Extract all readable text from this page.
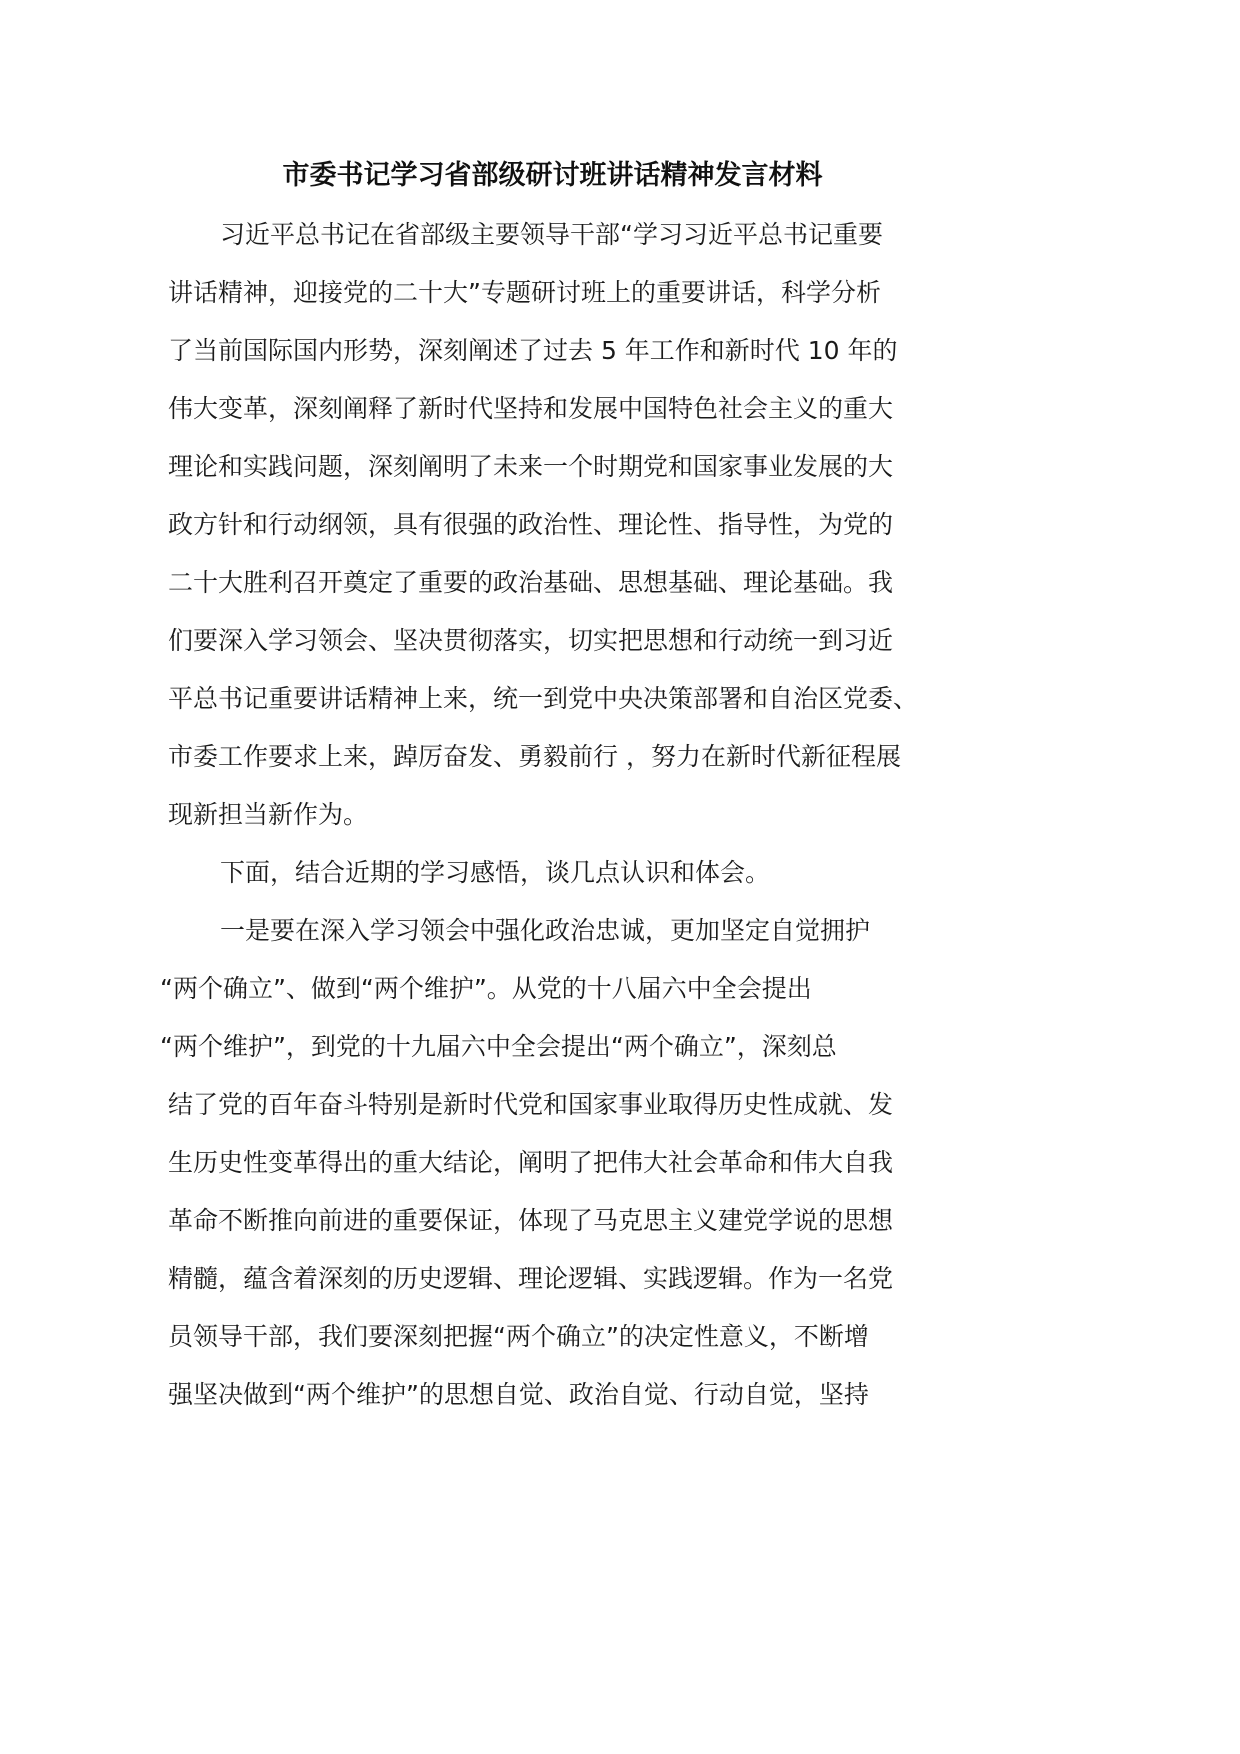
市委书记学习省部级研讨班讲话精神发言材料
习近平总书记在省部级主要领导干部“学习习近平总书记重要
讲话精神，迎接党的二十大”专题研讨班上的重要讲话，科学分析
了当前国际国内形势，深刻阐述了过去 5 年工作和新时代 10 年的
伟大变革，深刻阐释了新时代坚持和发展中国特色社会主义的重大
理论和实践问题，深刻阐明了未来一个时期党和国家事业发展的大
政方针和行动纲领，具有很强的政治性、理论性、指导性，为党的
二十大胜利召开奠定了重要的政治基础、思想基础、理论基础。我
们要深入学习领会、坚决贯彻落实，切实把思想和行动统一到习近
平总书记重要讲话精神上来，统一到党中央决策部署和自治区党委、
市委工作要求上来，踔厉奋发、勇毅前行 ，努力在新时代新征程展
现新担当新作为。
下面，结合近期的学习感悟，谈几点认识和体会。
一是要在深入学习领会中强化政治忠诚，更加坚定自觉拥护
“两个确立”、做到“两个维护”。从党的十八届六中全会提出
“两个维护”，到党的十九届六中全会提出“两个确立”，深刻总
结了党的百年奋斗特别是新时代党和国家事业取得历史性成就、发
生历史性变革得出的重大结论，阐明了把伟大社会革命和伟大自我
革命不断推向前进的重要保证，体现了马克思主义建党学说的思想
精髓，蕴含着深刻的历史逻辑、理论逻辑、实践逻辑。作为一名党
员领导干部，我们要深刻把握“两个确立”的决定性意义，不断增
强坚决做到“两个维护”的思想自觉、政治自觉、行动自觉，坚持
